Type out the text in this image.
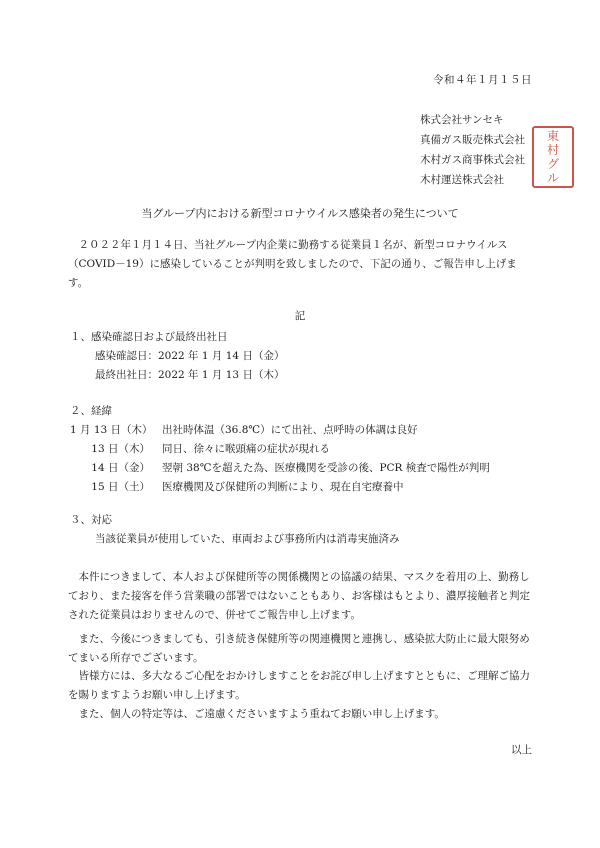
令和４年１月１５日
株式会社サンセキ
真備ガス販売株式会社
木村ガス商事株式会社
木村運送株式会社
東
村
グ
ル
当グループ内における新型コロナウイルス感染者の発生について
　２０２２年１月１４日、当社グループ内企業に勤務する従業員１名が、新型コロナウイルス（COVID－19）に感染していることが判明を致しましたので、下記の通り、ご報告申し上げます。
記
１、感染確認日および最終出社日
感染確認日：2022 年 1 月 14 日（金）
最終出社日：2022 年 1 月 13 日（木）
２、経緯
1 月 13 日（木） 出社時体温（36.8℃）にて出社、点呼時の体調は良好
13 日（木）	同日、徐々に喉頭痛の症状が現れる
14 日（金）	翌朝 38℃を超えた為、医療機関を受診の後、PCR 検査で陽性が判明
15 日（土）	医療機関及び保健所の判断により、現在自宅療養中
３、対応
当該従業員が使用していた、車両および事務所内は消毒実施済み
　本件につきまして、本人および保健所等の関係機関との協議の結果、マスクを着用の上、勤務しており、また接客を伴う営業職の部署ではないこともあり、お客様はもとより、濃厚接触者と判定された従業員はおりませんので、併せてご報告申し上げます。
　また、今後につきましても、引き続き保健所等の関連機関と連携し、感染拡大防止に最大限努めてまいる所存でございます。
　皆様方には、多大なるご心配をおかけしますことをお詫び申し上げますとともに、ご理解ご協力を賜りますようお願い申し上げます。
　また、個人の特定等は、ご遠慮くださいますよう重ねてお願い申し上げます。
以上
